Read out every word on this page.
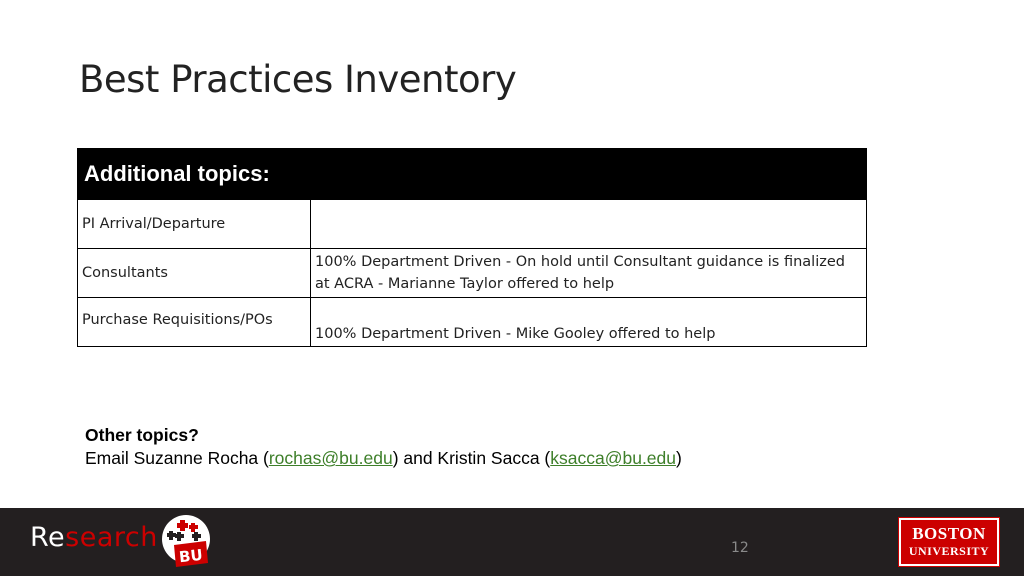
Best Practices Inventory
Additional topics:	
PI Arrival/Departure	
Consultants	100% Department Driven - On hold until Consultant guidance is finalized at ACRA - Marianne Taylor offered to help
Purchase Requisitions/POs	100% Department Driven - Mike Gooley offered to help
Other topics?
Email Suzanne Rocha (rochas@bu.edu) and Kristin Sacca (ksacca@bu.edu)
Research
BU	12
BOSTON
UNIVERSITY
